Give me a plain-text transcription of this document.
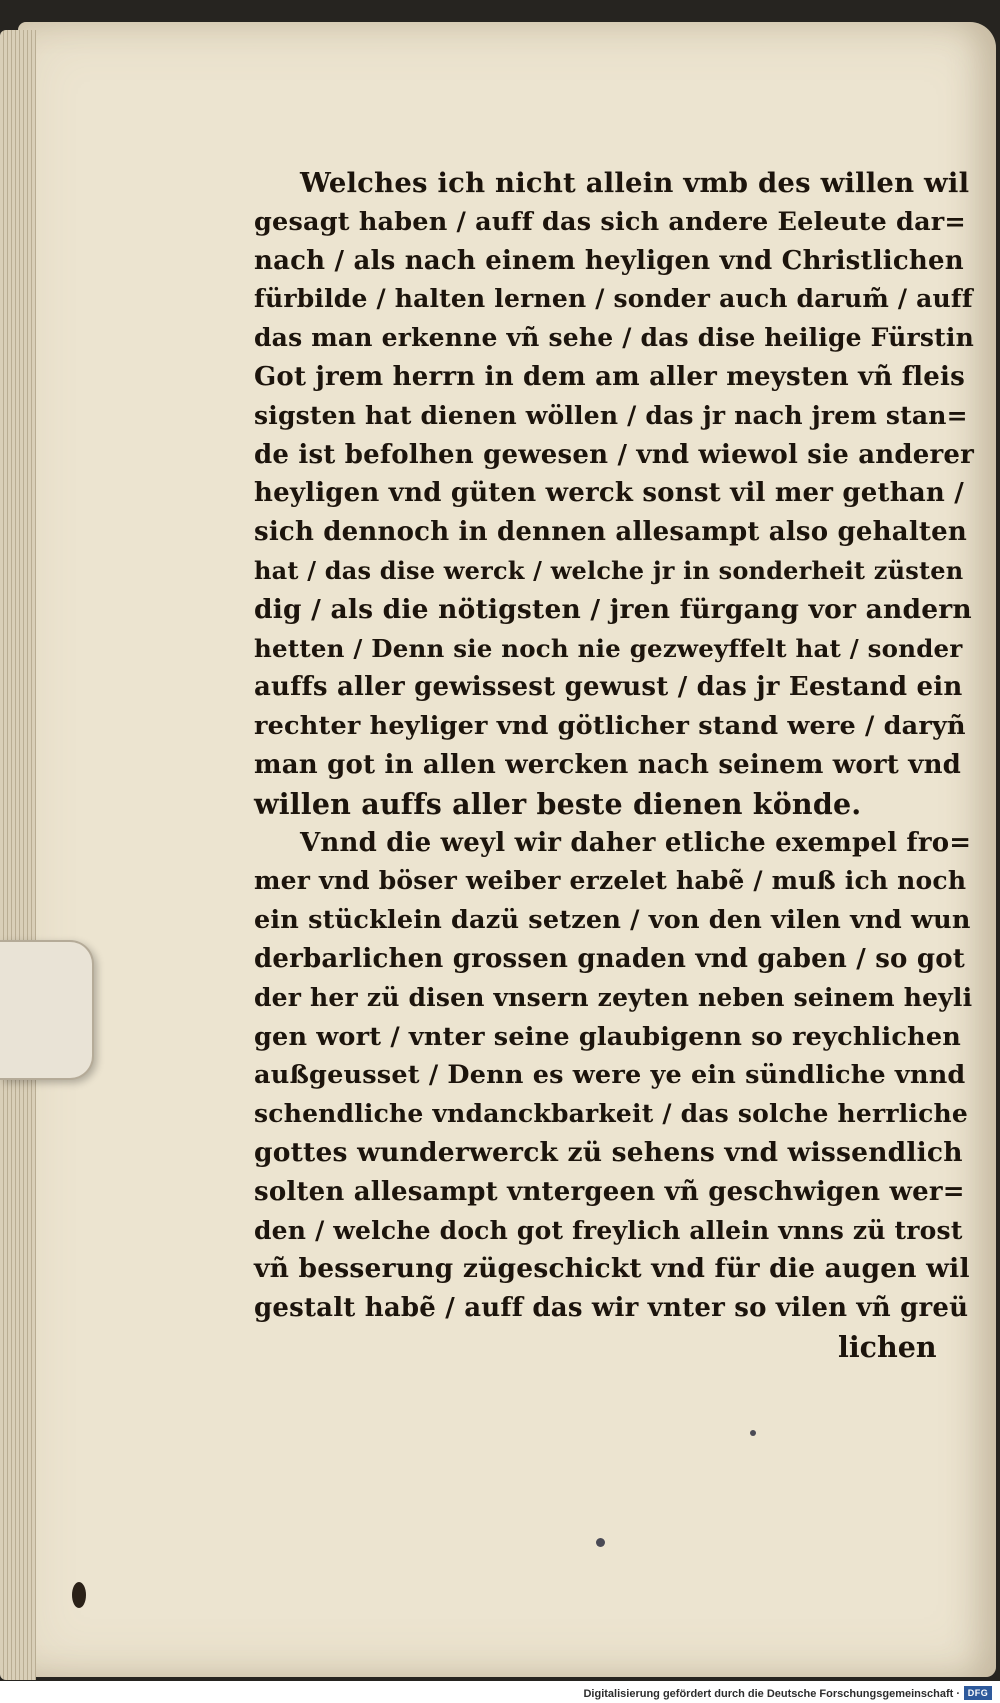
Welches ich nicht allein vmb des willen wil
gesagt haben / auff das sich andere Eeleute dar=
nach / als nach einem heyligen vnd Christlichen
fürbilde / halten lernen / sonder auch darum̃ / auff
das man erkenne vñ sehe / das dise heilige Fürstin
Got jrem herrn in dem am aller meysten vñ fleis
sigsten hat dienen wöllen / das jr nach jrem stan=
de ist befolhen gewesen / vnd wiewol sie anderer
heyligen vnd güten werck sonst vil mer gethan /
sich dennoch in dennen allesampt also gehalten
hat / das dise werck / welche jr in sonderheit züsten
dig / als die nötigsten / jren fürgang vor andern
hetten / Denn sie noch nie gezweyffelt hat / sonder
auffs aller gewissest gewust / das jr Eestand ein
rechter heyliger vnd götlicher stand were / daryñ
man got in allen wercken nach seinem wort vnd
willen auffs aller beste dienen könde.
Vnnd die weyl wir daher etliche exempel fro=
mer vnd böser weiber erzelet habẽ / muß ich noch
ein stücklein dazü setzen / von den vilen vnd wun
derbarlichen grossen gnaden vnd gaben / so got
der her zü disen vnsern zeyten neben seinem heyli
gen wort / vnter seine glaubigenn so reychlichen
außgeusset / Denn es were ye ein sündliche vnnd
schendliche vndanckbarkeit / das solche herrliche
gottes wunderwerck zü sehens vnd wissendlich
solten allesampt vntergeen vñ geschwigen wer=
den / welche doch got freylich allein vnns zü trost
vñ besserung zügeschickt vnd für die augen wil
gestalt habẽ / auff das wir vnter so vilen vñ greü
lichen
Digitalisierung gefördert durch die Deutsche Forschungsgemeinschaft · DFG
